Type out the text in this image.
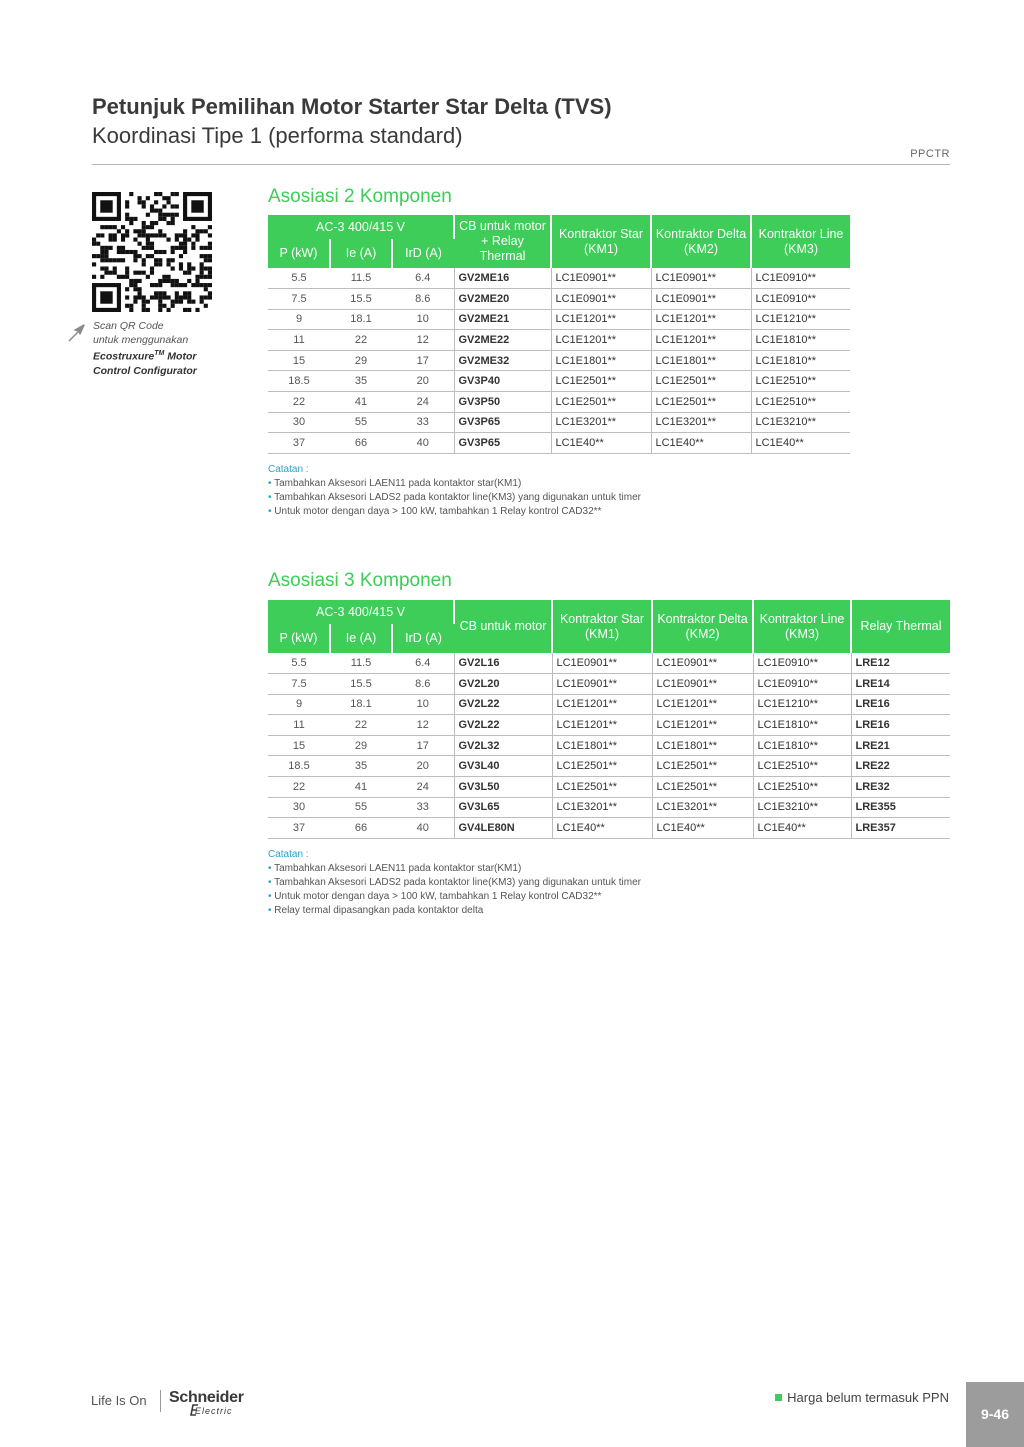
Petunjuk Pemilihan Motor Starter Star Delta (TVS)
Koordinasi Tipe 1 (performa standard)
PPCTR
Scan QR Code
untuk menggunakan
Ecostruxure™ Motor
Control Configurator
Asosiasi 2 Komponen
AC-3 400/415 V			CB untuk motor + Relay Thermal	Kontraktor Star (KM1)	Kontraktor Delta (KM2)	Kontraktor Line (KM3)
P (kW)	Ie (A)	IrD (A)				
5.5	11.5	6.4	GV2ME16	LC1E0901**	LC1E0901**	LC1E0910**
7.5	15.5	8.6	GV2ME20	LC1E0901**	LC1E0901**	LC1E0910**
9	18.1	10	GV2ME21	LC1E1201**	LC1E1201**	LC1E1210**
11	22	12	GV2ME22	LC1E1201**	LC1E1201**	LC1E1810**
15	29	17	GV2ME32	LC1E1801**	LC1E1801**	LC1E1810**
18.5	35	20	GV3P40	LC1E2501**	LC1E2501**	LC1E2510**
22	41	24	GV3P50	LC1E2501**	LC1E2501**	LC1E2510**
30	55	33	GV3P65	LC1E3201**	LC1E3201**	LC1E3210**
37	66	40	GV3P65	LC1E40**	LC1E40**	LC1E40**
Catatan :
• Tambahkan Aksesori LAEN11 pada kontaktor star(KM1)
• Tambahkan Aksesori LADS2 pada kontaktor line(KM3) yang digunakan untuk timer
• Untuk motor dengan daya > 100 kW, tambahkan 1 Relay kontrol CAD32**
Asosiasi 3 Komponen
AC-3 400/415 V			CB untuk motor	Kontraktor Star (KM1)	Kontraktor Delta (KM2)	Kontraktor Line (KM3)	Relay Thermal
P (kW)	Ie (A)	IrD (A)					
5.5	11.5	6.4	GV2L16	LC1E0901**	LC1E0901**	LC1E0910**	LRE12
7.5	15.5	8.6	GV2L20	LC1E0901**	LC1E0901**	LC1E0910**	LRE14
9	18.1	10	GV2L22	LC1E1201**	LC1E1201**	LC1E1210**	LRE16
11	22	12	GV2L22	LC1E1201**	LC1E1201**	LC1E1810**	LRE16
15	29	17	GV2L32	LC1E1801**	LC1E1801**	LC1E1810**	LRE21
18.5	35	20	GV3L40	LC1E2501**	LC1E2501**	LC1E2510**	LRE22
22	41	24	GV3L50	LC1E2501**	LC1E2501**	LC1E2510**	LRE32
30	55	33	GV3L65	LC1E3201**	LC1E3201**	LC1E3210**	LRE355
37	66	40	GV4LE80N	LC1E40**	LC1E40**	LC1E40**	LRE357
Catatan :
• Tambahkan Aksesori LAEN11 pada kontaktor star(KM1)
• Tambahkan Aksesori LADS2 pada kontaktor line(KM3) yang digunakan untuk timer
• Untuk motor dengan daya > 100 kW, tambahkan 1 Relay kontrol CAD32**
• Relay termal dipasangkan pada kontaktor delta
Life Is On Schneider
Electric
Harga belum termasuk PPN
9-46
